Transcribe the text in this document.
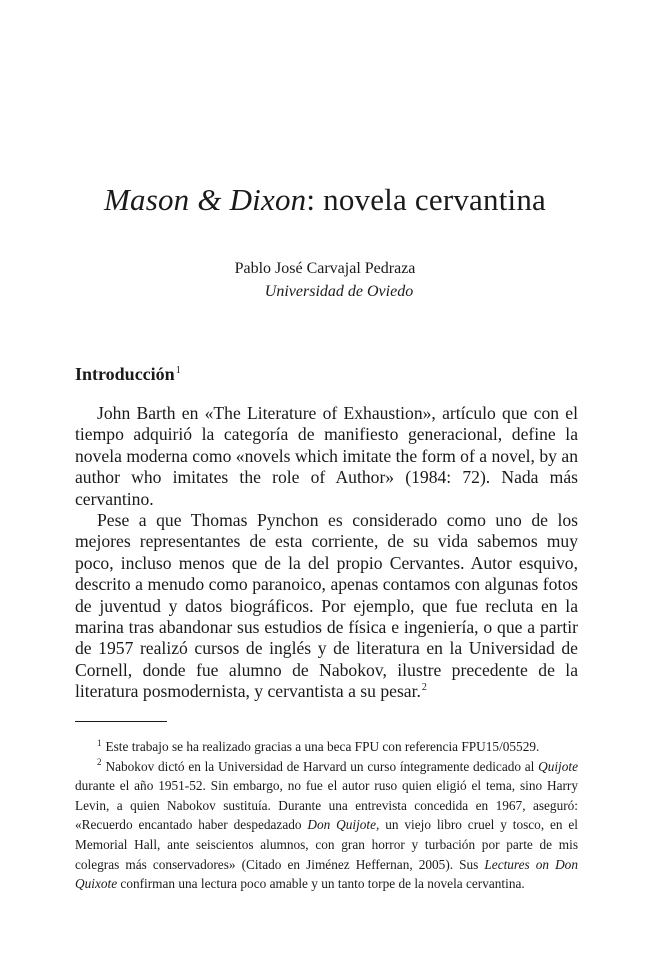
Mason & Dixon: novela cervantina
Pablo José Carvajal Pedraza
Universidad de Oviedo
Introducción$^1$

John Barth en «The Literature of Exhaustion», artículo que con el tiempo adquirió la categoría de manifiesto generacional, define la novela moderna como «novels which imitate the form of a novel, by an author who imitates the role of Author» (1984: 72). Nada más cervantino.

Pese a que Thomas Pynchon es considerado como uno de los mejores representantes de esta corriente, de su vida sabemos muy poco, incluso menos que de la del propio Cervantes. Autor esquivo, descrito a menudo como paranoico, apenas contamos con algunas fotos de juventud y datos biográficos. Por ejemplo, que fue recluta en la marina tras abandonar sus estudios de física e ingeniería, o que a partir de 1957 realizó cursos de inglés y de literatura en la Universidad de Cornell, donde fue alumno de Nabokov, ilustre precedente de la literatura posmodernista, y cervantista a su pesar.$^2$

$^1$ Este trabajo se ha realizado gracias a una beca FPU con referencia FPU15/05529.

$^2$ Nabokov dictó en la Universidad de Harvard un curso íntegramente dedicado al Quijote durante el año 1951-52. Sin embargo, no fue el autor ruso quien eligió el tema, sino Harry Levin, a quien Nabokov sustituía. Durante una entrevista concedida en 1967, aseguró: «Recuerdo encantado haber despedazado Don Quijote, un viejo libro cruel y tosco, en el Memorial Hall, ante seiscientos alumnos, con gran horror y turbación por parte de mis colegras más conservadores» (Citado en Jiménez Heffernan, 2005). Sus Lectures on Don Quixote confirman una lectura poco amable y un tanto torpe de la novela cervantina.
